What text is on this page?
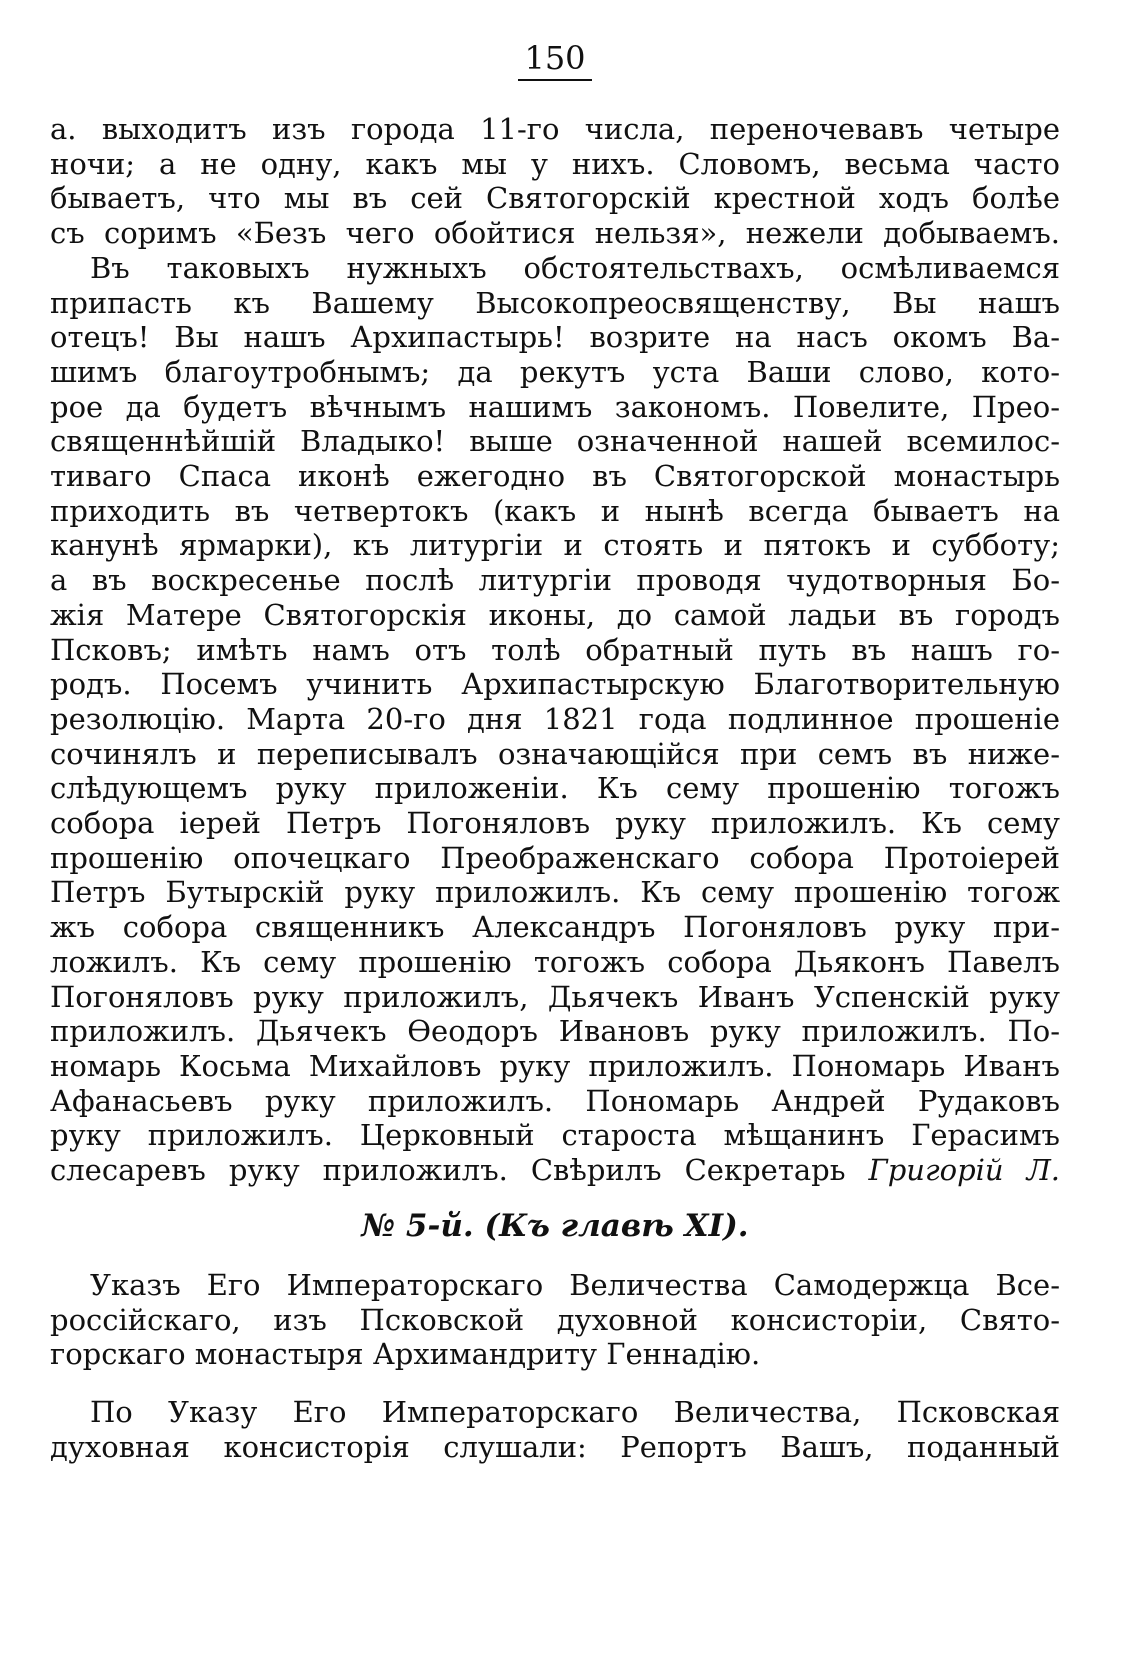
150
а. выходитъ изъ города 11-го числа, переночевавъ четыре
ночи; а не одну, какъ мы у нихъ. Словомъ, весьма часто
бываетъ, что мы въ сей Святогорскій крестной ходъ болѣе
съ соримъ «Безъ чего обойтися нельзя», нежели добываемъ.
Въ таковыхъ нужныхъ обстоятельствахъ, осмѣливаемся
припасть къ Вашему Высокопреосвященству, Вы нашъ
отецъ! Вы нашъ Архипастырь! возрите на насъ окомъ Ва-
шимъ благоутробнымъ; да рекутъ уста Ваши слово, кото-
рое да будетъ вѣчнымъ нашимъ закономъ. Повелите, Прео-
священнѣйшій Владыко! выше означенной нашей всемилос-
тиваго Спаса иконѣ ежегодно въ Святогорской монастырь
приходить въ четвертокъ (какъ и нынѣ всегда бываетъ на
канунѣ ярмарки), къ литургіи и стоять и пятокъ и субботу;
а въ воскресенье послѣ литургіи проводя чудотворныя Бо-
жія Матере Святогорскія иконы, до самой ладьи въ городъ
Псковъ; имѣть намъ отъ толѣ обратный путь въ нашъ го-
родъ. Посемъ учинить Архипастырскую Благотворительную
резолюцію. Марта 20-го дня 1821 года подлинное прошеніе
сочинялъ и переписывалъ означающійся при семъ въ ниже-
слѣдующемъ руку приложеніи. Къ сему прошенію тогожъ
собора іерей Петръ Погоняловъ руку приложилъ. Къ сему
прошенію опочецкаго Преображенскаго собора Протоіерей
Петръ Бутырскій руку приложилъ. Къ сему прошенію тогож
жъ собора священникъ Александръ Погоняловъ руку при-
ложилъ. Къ сему прошенію тогожъ собора Дьяконъ Павелъ
Погоняловъ руку приложилъ, Дьячекъ Иванъ Успенскій руку
приложилъ. Дьячекъ Ѳеодоръ Ивановъ руку приложилъ. По-
номарь Косьма Михайловъ руку приложилъ. Пономарь Иванъ
Афанасьевъ руку приложилъ. Пономарь Андрей Рудаковъ
руку приложилъ. Церковный староста мѣщанинъ Герасимъ
слесаревъ руку приложилъ. Свѣрилъ Секретарь Григорій Л.
№ 5-й. (Къ главѣ XI).
Указъ Его Императорскаго Величества Самодержца Все-
россійскаго, изъ Псковской духовной консисторіи, Свято-
горскаго монастыря Архимандриту Геннадію.
По Указу Его Императорскаго Величества, Псковская
духовная консисторія слушали: Репортъ Вашъ, поданный
